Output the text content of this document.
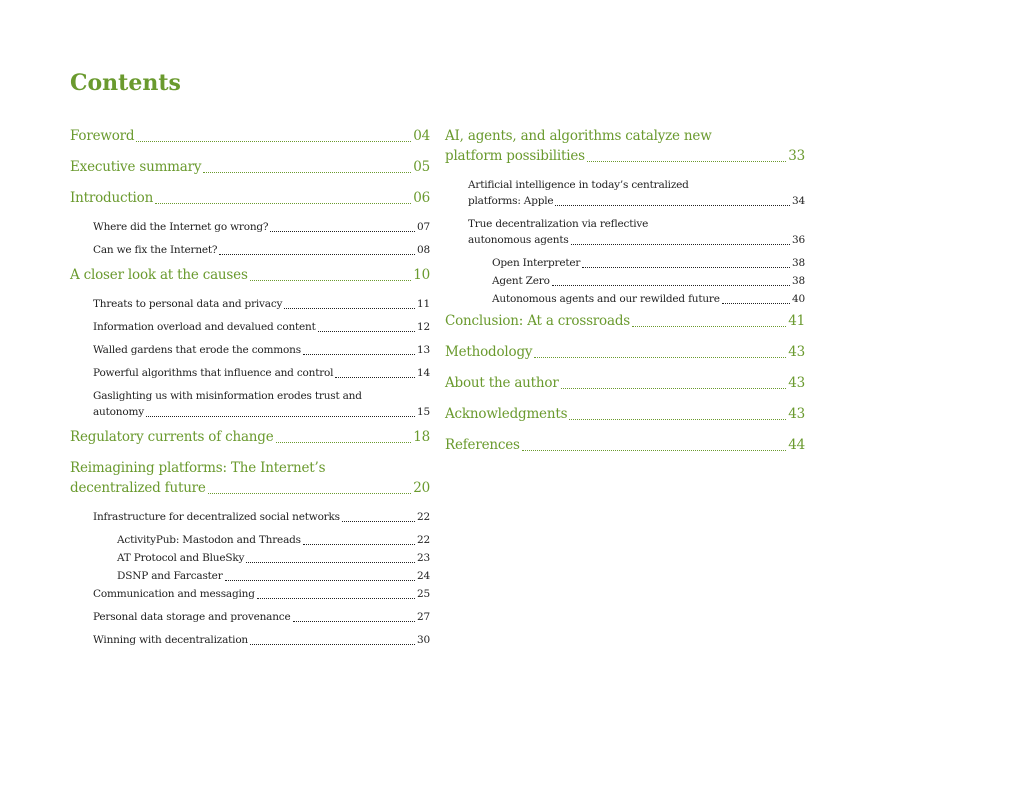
Contents
Foreword	04
Executive summary	05
Introduction	06
Where did the Internet go wrong?	07
Can we fix the Internet?	08
A closer look at the causes	10
Threats to personal data and privacy	11
Information overload and devalued content	12
Walled gardens that erode the commons	13
Powerful algorithms that influence and control	14
Gaslighting us with misinformation erodes trust and
autonomy	15
Regulatory currents of change	18
Reimagining platforms: The Internet’s
decentralized future	20
Infrastructure for decentralized social networks	22
ActivityPub: Mastodon and Threads	22
AT Protocol and BlueSky	23
DSNP and Farcaster	24
Communication and messaging	25
Personal data storage and provenance	27
Winning with decentralization	30
AI, agents, and algorithms catalyze new
platform possibilities	33
Artificial intelligence in today’s centralized
platforms: Apple	34
True decentralization via reflective
autonomous agents	36
Open Interpreter	38
Agent Zero	38
Autonomous agents and our rewilded future	40
Conclusion: At a crossroads	41
Methodology	43
About the author	43
Acknowledgments	43
References	44
